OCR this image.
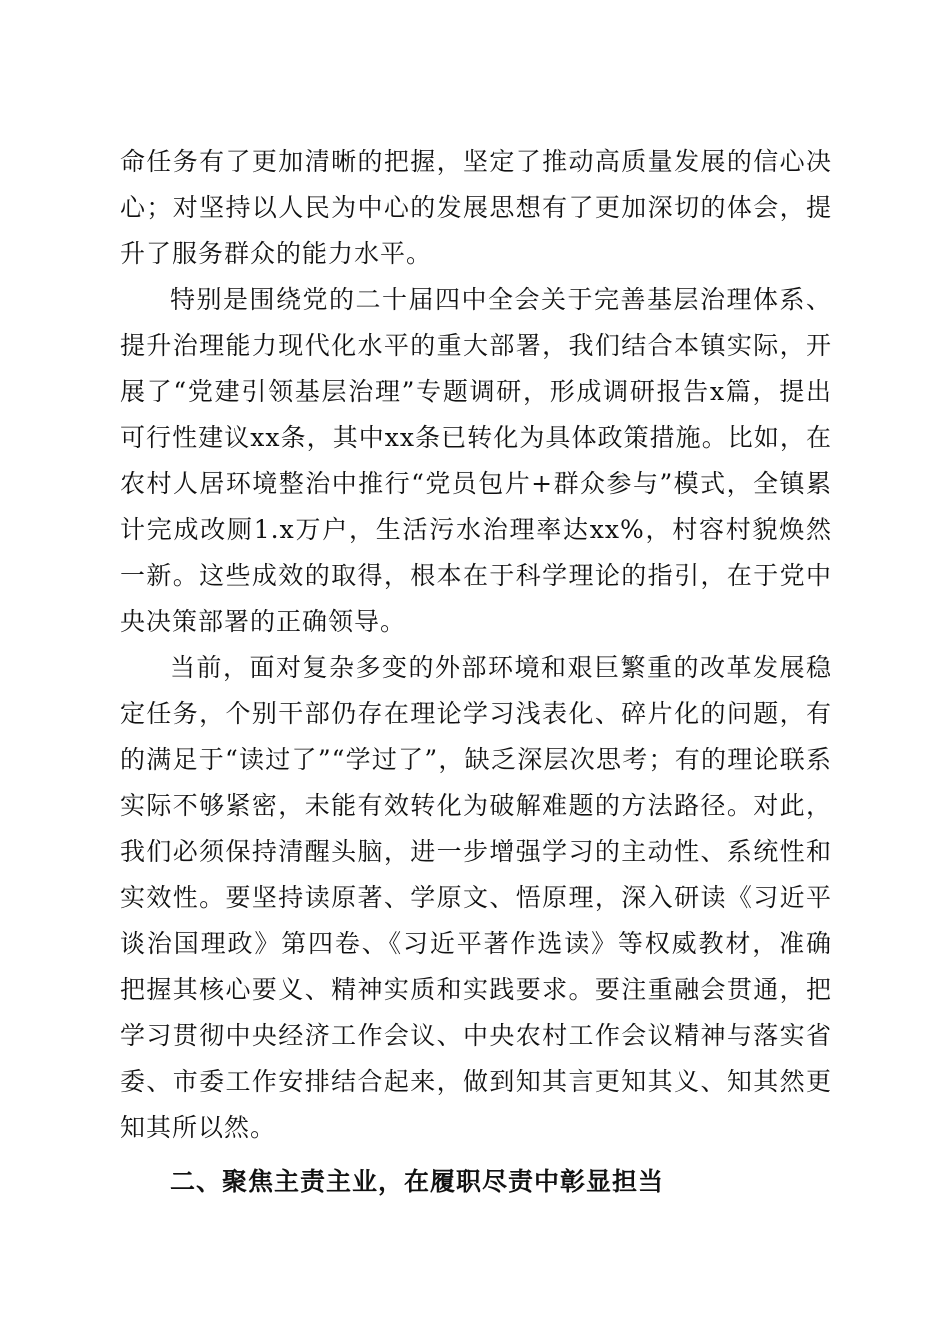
命任务有了更加清晰的把握，坚定了推动高质量发展的信心决心；对坚持以人民为中心的发展思想有了更加深切的体会，提升了服务群众的能力水平。

特别是围绕党的二十届四中全会关于完善基层治理体系、提升治理能力现代化水平的重大部署，我们结合本镇实际，开展了“党建引领基层治理”专题调研，形成调研报告x篇，提出可行性建议xx条，其中xx条已转化为具体政策措施。比如，在农村人居环境整治中推行“党员包片+群众参与”模式，全镇累计完成改厕1.x万户，生活污水治理率达xx%，村容村貌焕然一新。这些成效的取得，根本在于科学理论的指引，在于党中央决策部署的正确领导。

当前，面对复杂多变的外部环境和艰巨繁重的改革发展稳定任务，个别干部仍存在理论学习浅表化、碎片化的问题，有的满足于“读过了”“学过了”，缺乏深层次思考；有的理论联系实际不够紧密，未能有效转化为破解难题的方法路径。对此，我们必须保持清醒头脑，进一步增强学习的主动性、系统性和实效性。要坚持读原著、学原文、悟原理，深入研读《习近平谈治国理政》第四卷、《习近平著作选读》等权威教材，准确把握其核心要义、精神实质和实践要求。要注重融会贯通，把学习贯彻中央经济工作会议、中央农村工作会议精神与落实省委、市委工作安排结合起来，做到知其言更知其义、知其然更知其所以然。

二、聚焦主责主业，在履职尽责中彰显担当
